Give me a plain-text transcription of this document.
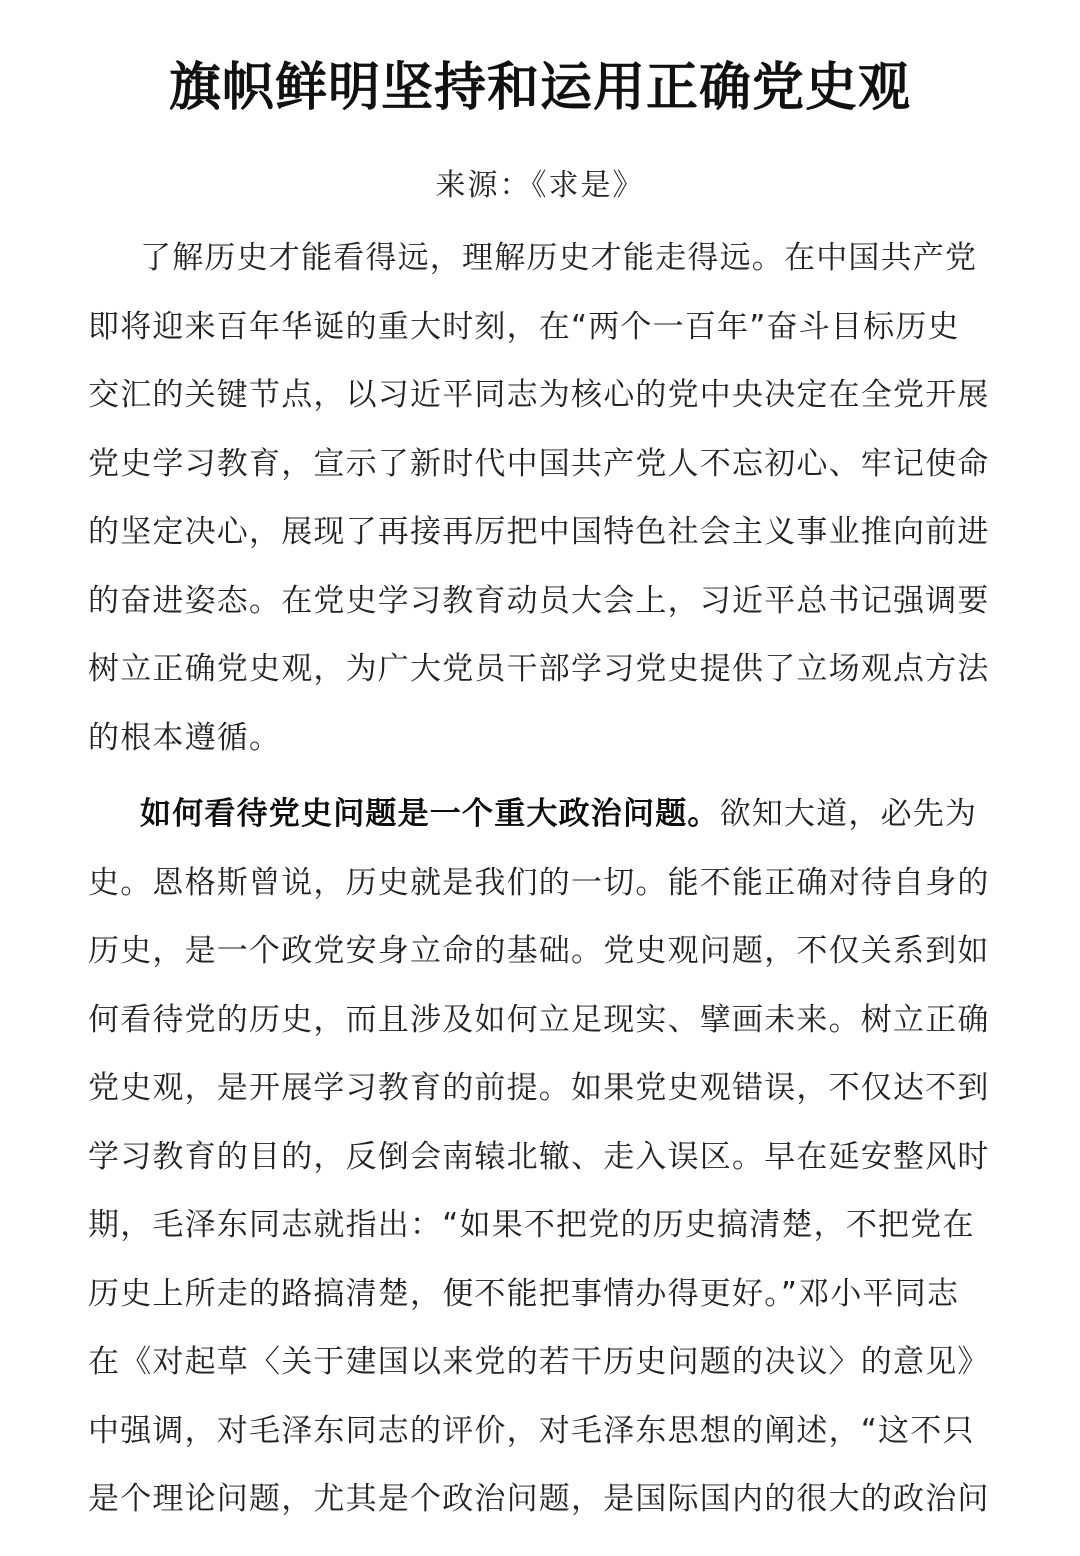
旗帜鲜明坚持和运用正确党史观
来源：《求是》
了解历史才能看得远，理解历史才能走得远。在中国共产党
即将迎来百年华诞的重大时刻，在“两个一百年”奋斗目标历史
交汇的关键节点，以习近平同志为核心的党中央决定在全党开展
党史学习教育，宣示了新时代中国共产党人不忘初心、牢记使命
的坚定决心，展现了再接再厉把中国特色社会主义事业推向前进
的奋进姿态。在党史学习教育动员大会上，习近平总书记强调要
树立正确党史观，为广大党员干部学习党史提供了立场观点方法
的根本遵循。
如何看待党史问题是一个重大政治问题。欲知大道，必先为
史。恩格斯曾说，历史就是我们的一切。能不能正确对待自身的
历史，是一个政党安身立命的基础。党史观问题，不仅关系到如
何看待党的历史，而且涉及如何立足现实、擘画未来。树立正确
党史观，是开展学习教育的前提。如果党史观错误，不仅达不到
学习教育的目的，反倒会南辕北辙、走入误区。早在延安整风时
期，毛泽东同志就指出：“如果不把党的历史搞清楚，不把党在
历史上所走的路搞清楚，便不能把事情办得更好。”邓小平同志
在《对起草〈关于建国以来党的若干历史问题的决议〉的意见》
中强调，对毛泽东同志的评价，对毛泽东思想的阐述，“这不只
是个理论问题，尤其是个政治问题，是国际国内的很大的政治问
